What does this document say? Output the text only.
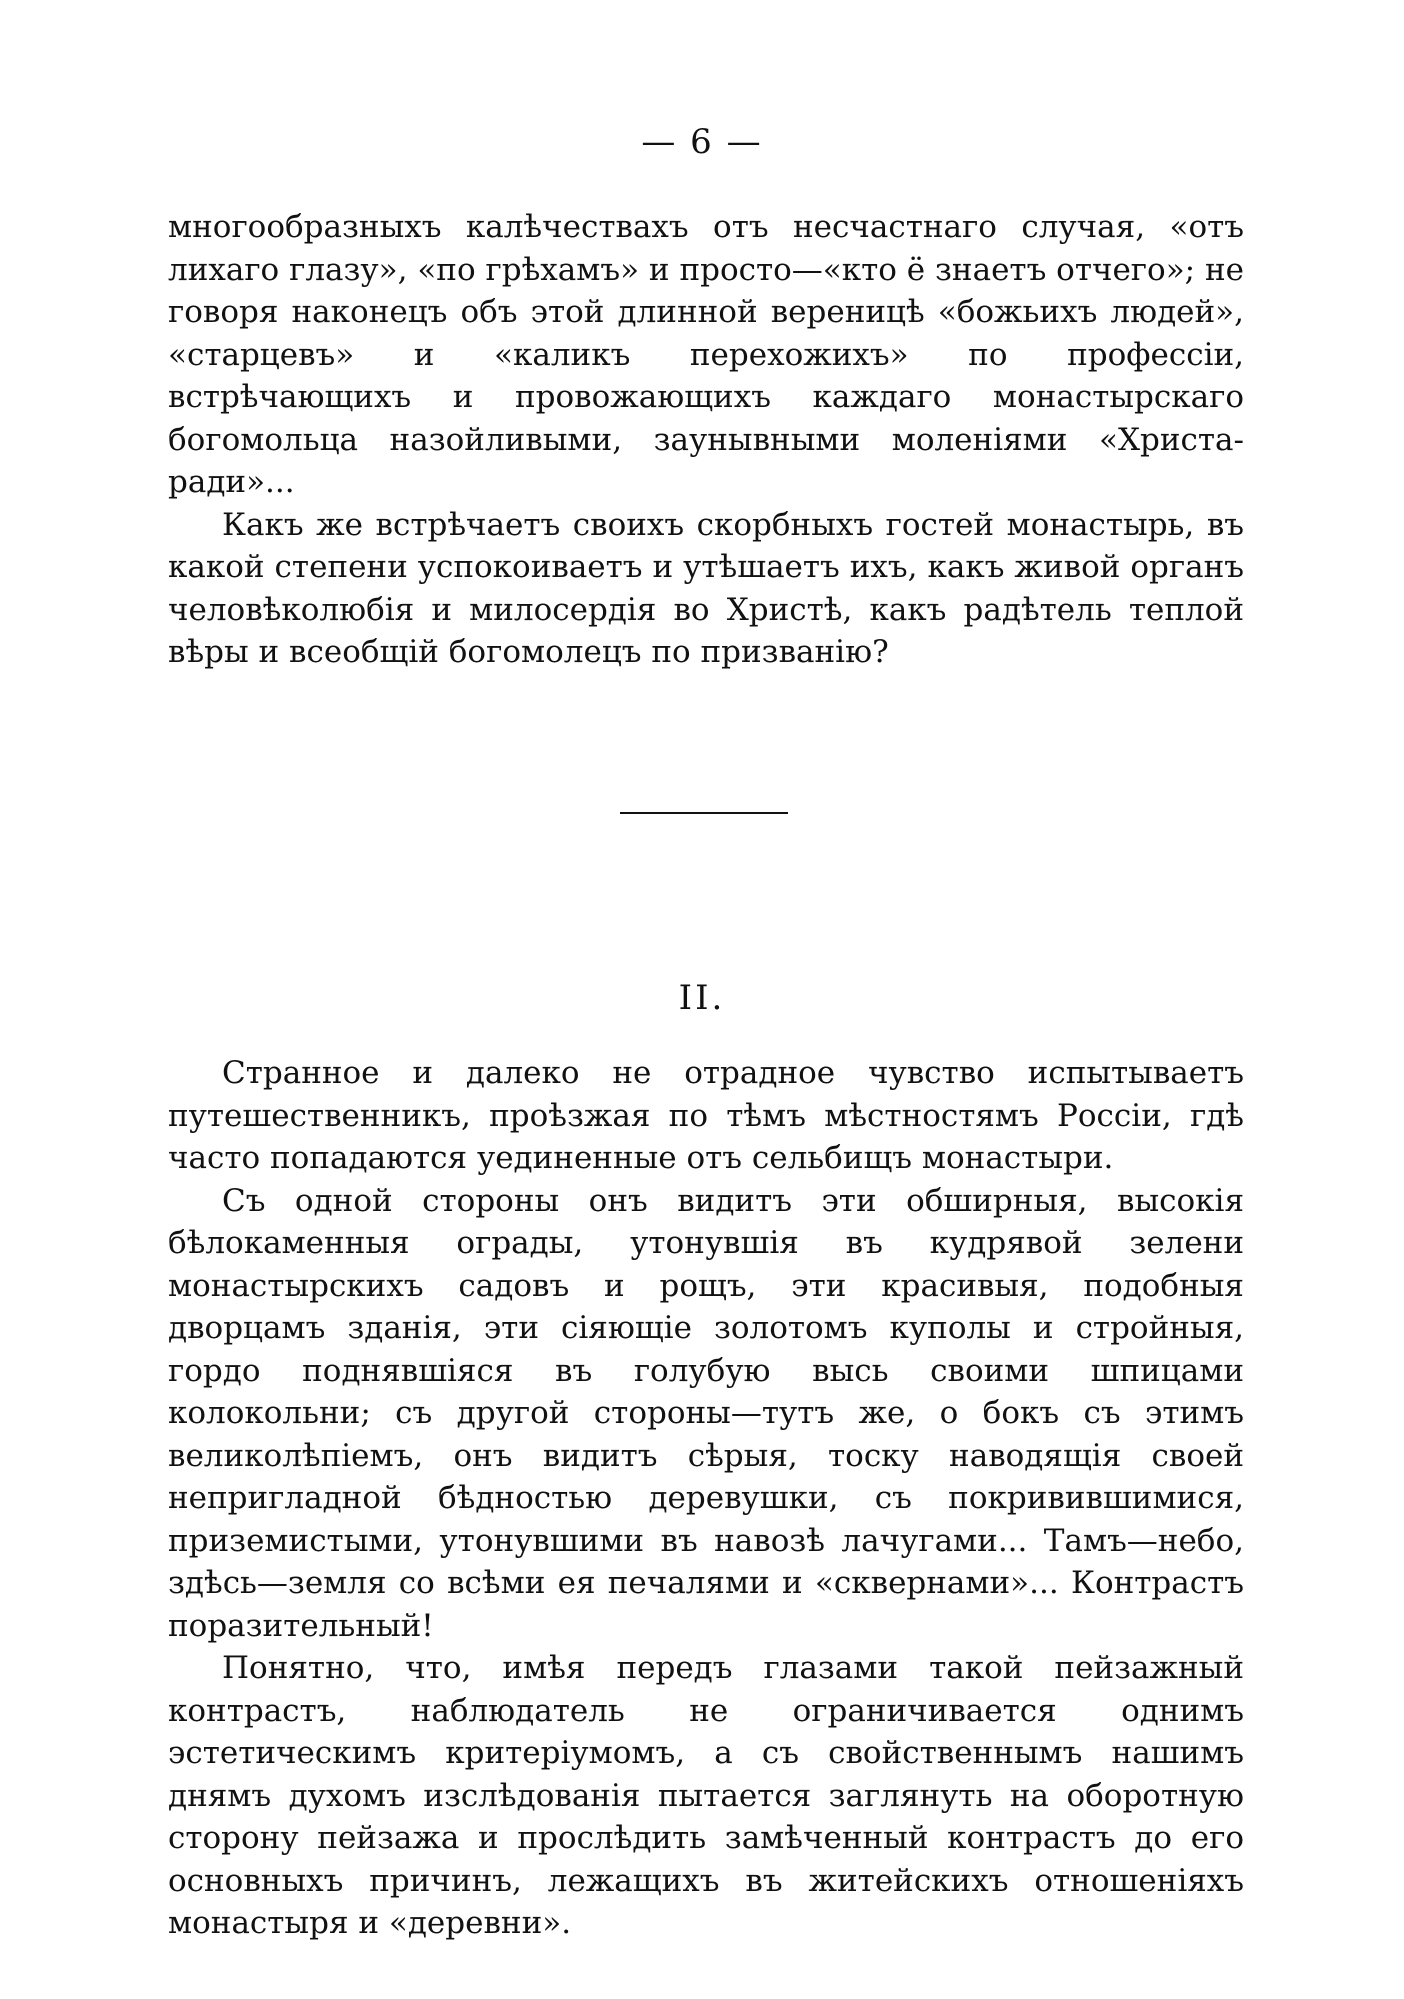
— 6 —

многообразныхъ калѣчествахъ отъ несчастнаго случая, «отъ лихаго глазу», «по грѣхамъ» и просто—«кто ё знаетъ отчего»; не говоря наконецъ объ этой длинной вереницѣ «божьихъ людей», «старцевъ» и «каликъ перехожихъ» по профессіи, встрѣчающихъ и провожающихъ каждаго монастырскаго богомольца назойливыми, заунывными моленіями «Христа-ради»...

Какъ же встрѣчаетъ своихъ скорбныхъ гостей монастырь, въ какой степени успокоиваетъ и утѣшаетъ ихъ, какъ живой органъ человѣколюбія и милосердія во Христѣ, какъ радѣтель теплой вѣры и всеобщій богомолецъ по призванію?

II.

Странное и далеко не отрадное чувство испытываетъ путешественникъ, проѣзжая по тѣмъ мѣстностямъ Россіи, гдѣ часто попадаются уединенные отъ сельбищъ монастыри.

Съ одной стороны онъ видитъ эти обширныя, высокія бѣлокаменныя ограды, утонувшія въ кудрявой зелени монастырскихъ садовъ и рощъ, эти красивыя, подобныя дворцамъ зданія, эти сіяющіе золотомъ куполы и стройныя, гордо поднявшіяся въ голубую высь своими шпицами колокольни; съ другой стороны—тутъ же, о бокъ съ этимъ великолѣпіемъ, онъ видитъ сѣрыя, тоску наводящія своей непригладной бѣдностью деревушки, съ покривившимися, приземистыми, утонувшими въ навозѣ лачугами... Тамъ—небо, здѣсь—земля со всѣми ея печалями и «сквернами»... Контрастъ поразительный!

Понятно, что, имѣя передъ глазами такой пейзажный контрастъ, наблюдатель не ограничивается однимъ эстетическимъ критеріумомъ, а съ свойственнымъ нашимъ днямъ духомъ изслѣдованія пытается заглянуть на оборотную сторону пейзажа и прослѣдить замѣченный контрастъ до его основныхъ причинъ, лежащихъ въ житейскихъ отношеніяхъ монастыря и «деревни».
